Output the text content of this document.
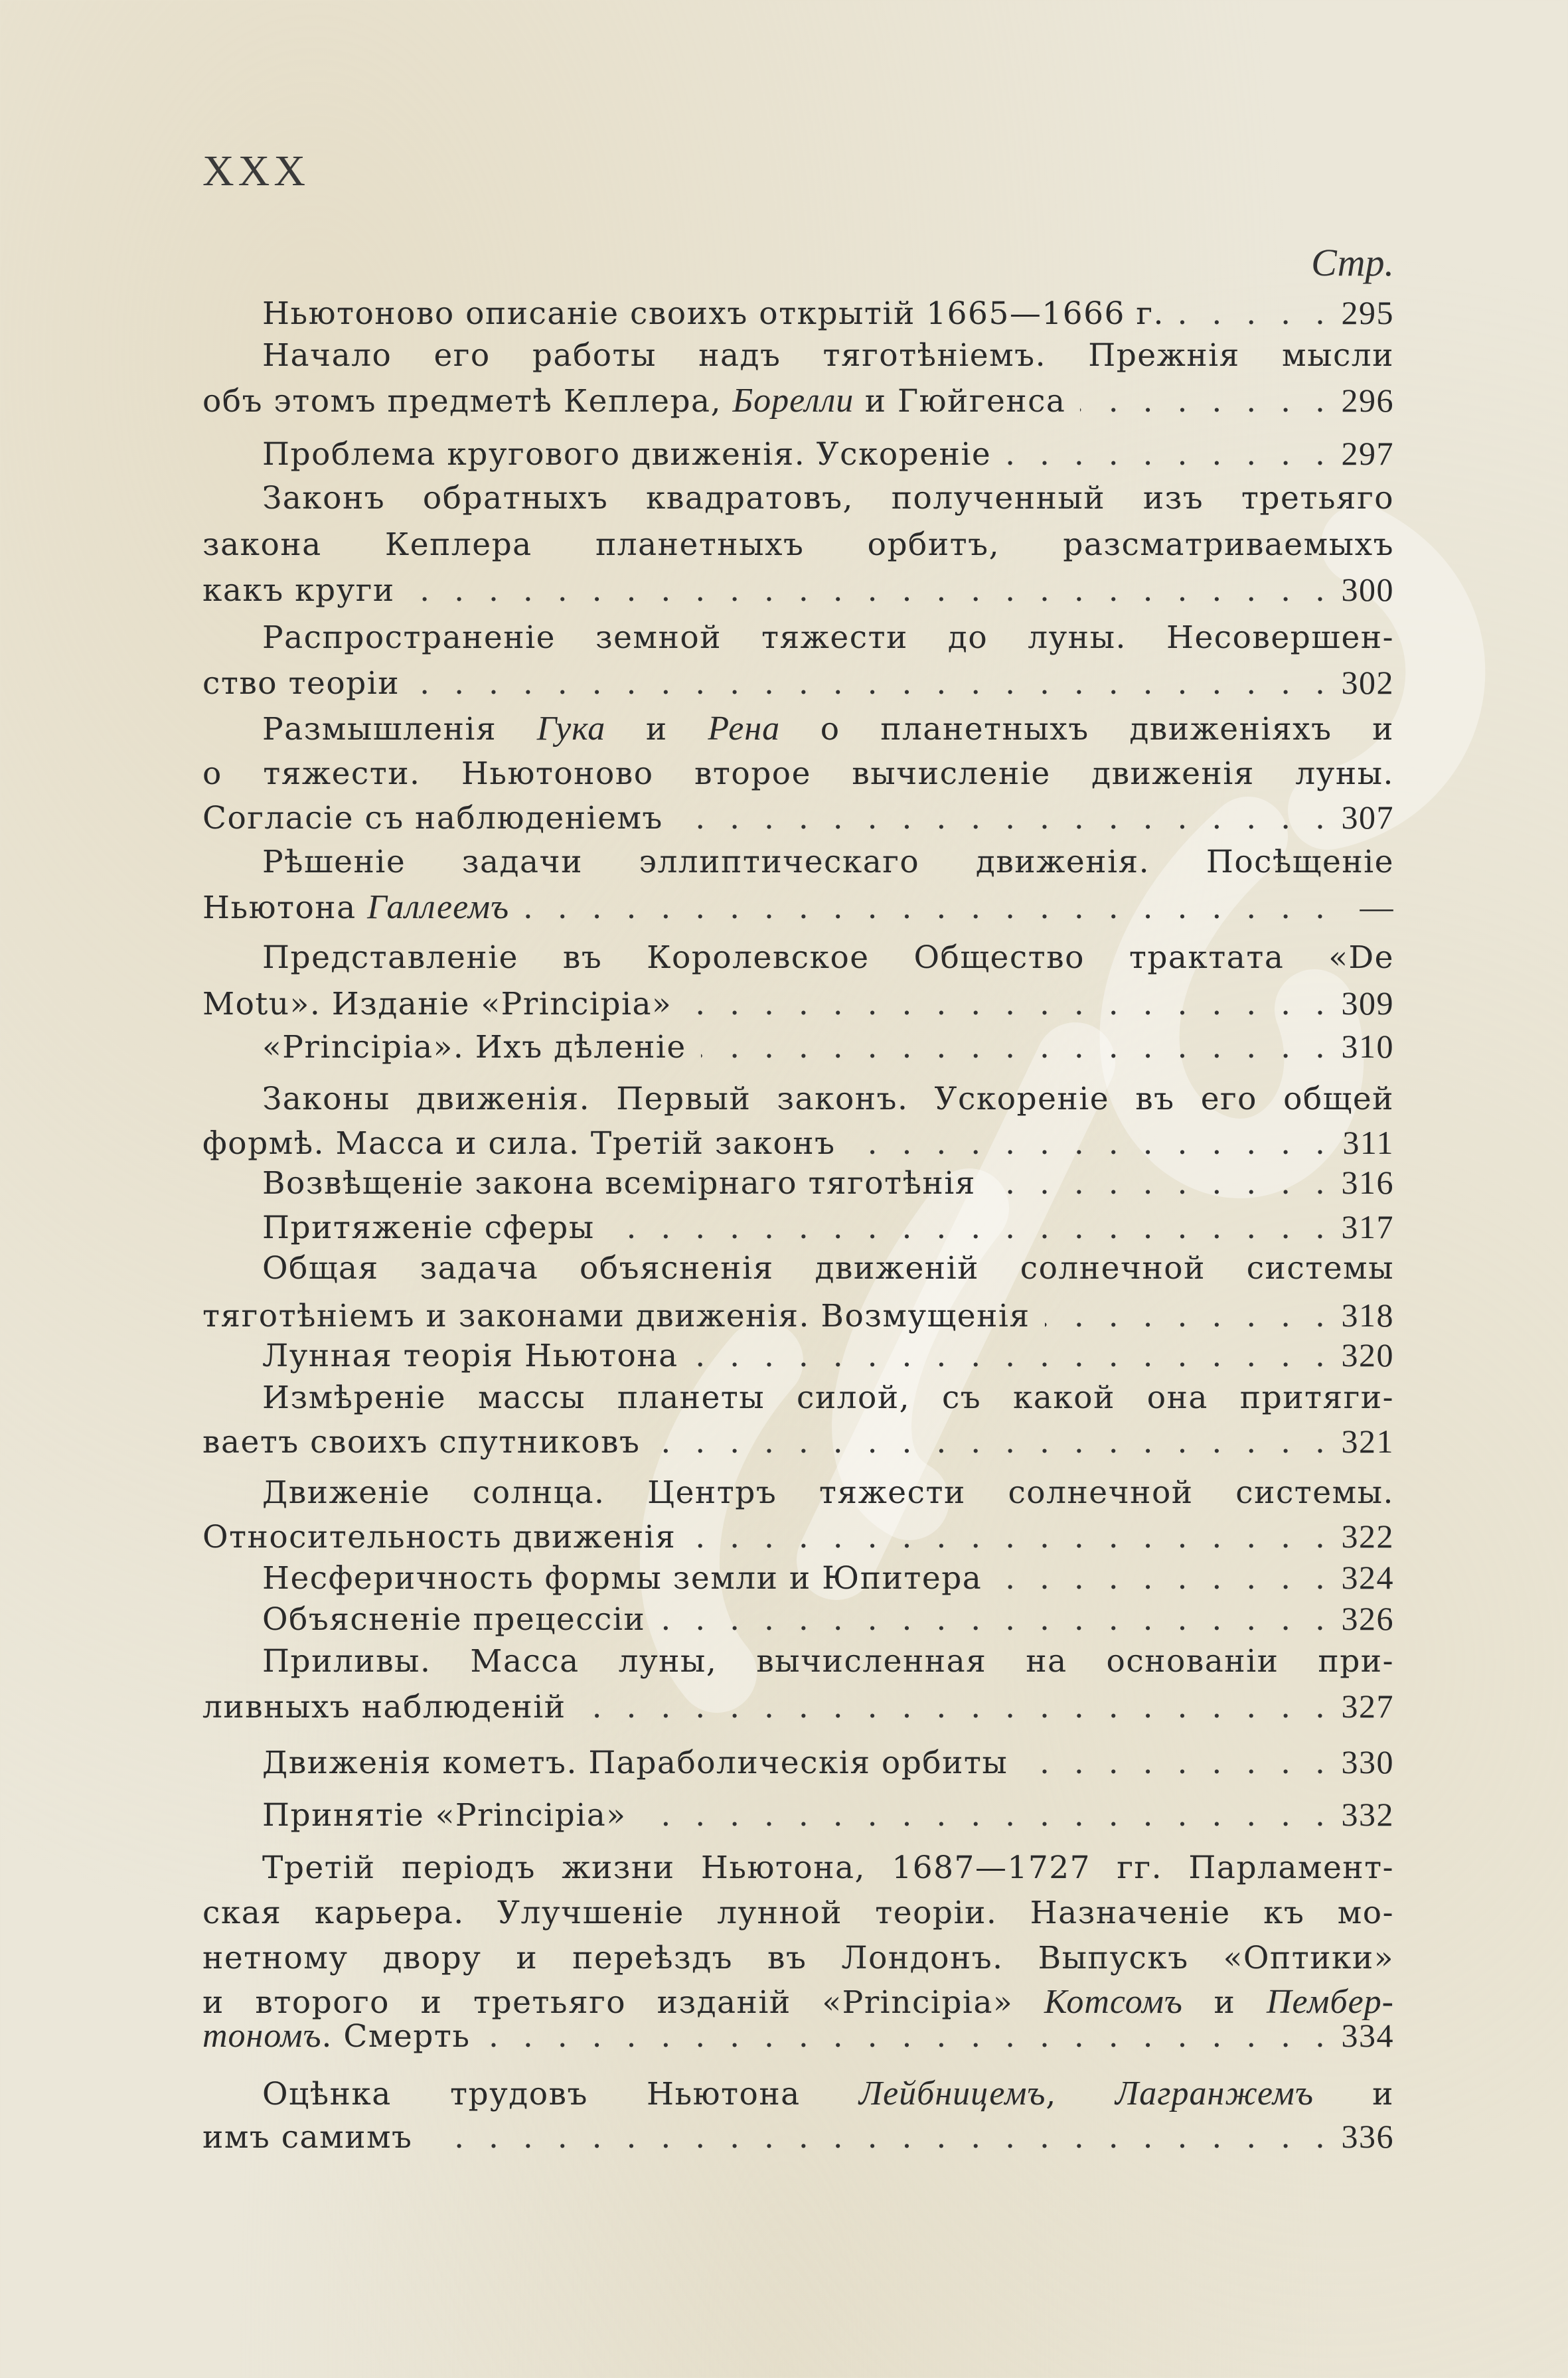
XXX
Стр.
Ньютоново описаніе своихъ открытій 1665—1666 г. . . .	295
Начало его работы надъ тяготѣніемъ. Прежнія мысли
объ этомъ предметѣ Кеплера, Борелли и Гюйгенса . . .	296
Проблема кругового движенія. Ускореніе . . .	297
Законъ обратныхъ квадратовъ, полученный изъ третьяго
закона Кеплера планетныхъ орбитъ, разсматриваемыхъ
какъ круги . . .	300
Распространеніе земной тяжести до луны. Несовершен-
ство теоріи . . .	302
Размышленія Гука и Рена о планетныхъ движеніяхъ и
о тяжести. Ньютоново второе вычисленіе движенія луны.
Согласіе съ наблюденіемъ . . .	307
Рѣшеніе задачи эллиптическаго движенія. Посѣщеніе
Ньютона Галлеемъ . . .	—
Представленіе въ Королевское Общество трактата «De
Motu». Изданіе «Principia» . . .	309
«Principia». Ихъ дѣленіе . . .	310
Законы движенія. Первый законъ. Ускореніе въ его общей
формѣ. Масса и сила. Третій законъ . . .	311
Возвѣщеніе закона всемірнаго тяготѣнія . . .	316
Притяженіе сферы . . .	317
Общая задача объясненія движеній солнечной системы
тяготѣніемъ и законами движенія. Возмущенія . . .	318
Лунная теорія Ньютона . . .	320
Измѣреніе массы планеты силой, съ какой она притяги-
ваетъ своихъ спутниковъ . . .	321
Движеніе солнца. Центръ тяжести солнечной системы.
Относительность движенія . . .	322
Несферичность формы земли и Юпитера . . .	324
Объясненіе прецессіи . . .	326
Приливы. Масса луны, вычисленная на основаніи при-
ливныхъ наблюденій . . .	327
Движенія кометъ. Параболическія орбиты . . .	330
Принятіе «Principia» . . .	332
Третій періодъ жизни Ньютона, 1687—1727 гг. Парламент-
ская карьера. Улучшеніе лунной теоріи. Назначеніе къ мо-
нетному двору и переѣздъ въ Лондонъ. Выпускъ «Оптики»
и второго и третьяго изданій «Principia» Котсомъ и Пембер-
тономъ. Смерть . . .	334
Оцѣнка трудовъ Ньютона Лейбницемъ, Лагранжемъ и
имъ самимъ . . .	336
